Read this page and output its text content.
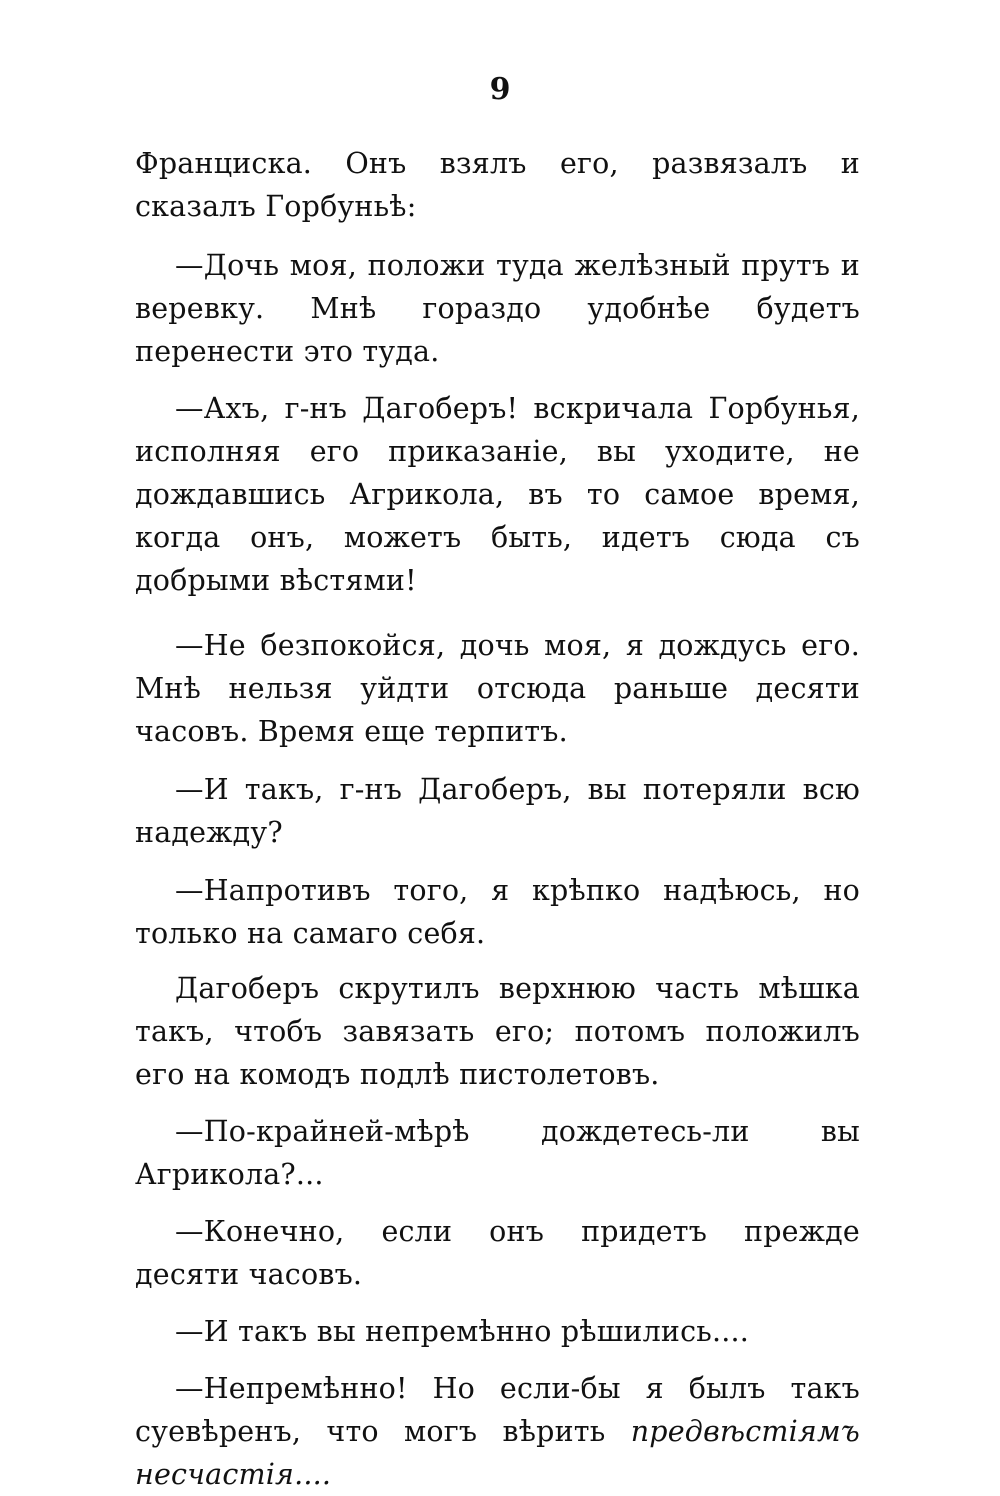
9

Франциска. Онъ взялъ его, развязалъ и сказалъ Горбуньѣ:

—Дочь моя, положи туда желѣзный прутъ и веревку. Мнѣ гораздо удобнѣе будетъ перенести это туда.

—Ахъ, г-нъ Дагоберъ! вскричала Горбунья, исполняя его приказаніе, вы уходите, не дождавшись Агрикола, въ то самое время, когда онъ, можетъ быть, идетъ сюда съ добрыми вѣстями!

—Не безпокойся, дочь моя, я дождусь его. Мнѣ нельзя уйдти отсюда раньше десяти часовъ. Время еще терпитъ.

—И такъ, г-нъ Дагоберъ, вы потеряли всю надежду?

—Напротивъ того, я крѣпко надѣюсь, но только на самаго себя.

Дагоберъ скрутилъ верхнюю часть мѣшка такъ, чтобъ завязать его; потомъ положилъ его на комодъ подлѣ пистолетовъ.

—По-крайней-мѣрѣ дождетесь-ли вы Агрикола?...

—Конечно, если онъ придетъ прежде десяти часовъ.

—И такъ вы непремѣнно рѣшились....

—Непремѣнно! Но если-бы я былъ такъ суевѣренъ, что могъ вѣрить предвѣстіямъ несчастія....
